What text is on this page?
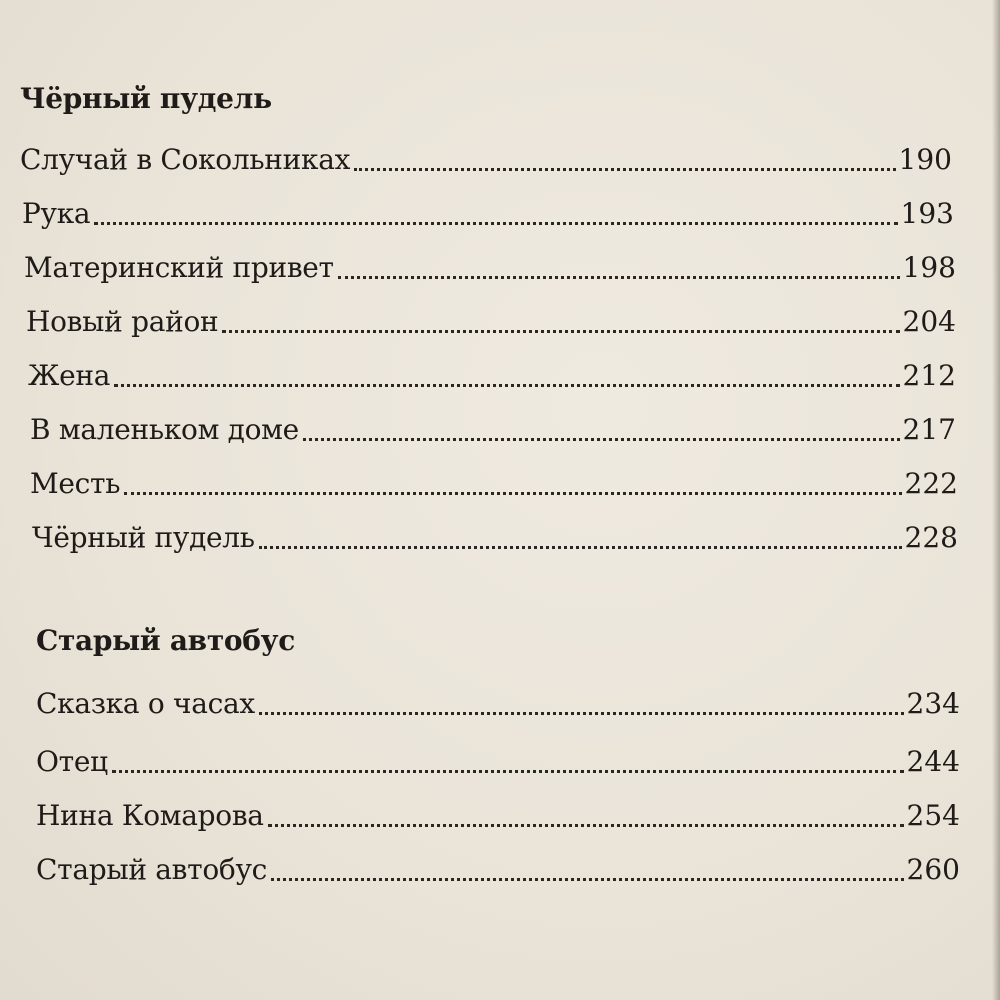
Чёрный пудель
Случай в Сокольниках	190
Рука	193
Материнский привет	198
Новый район	204
Жена	212
В маленьком доме	217
Месть	222
Чёрный пудель	228
Старый автобус
Сказка о часах	234
Отец	244
Нина Комарова	254
Старый автобус	260
